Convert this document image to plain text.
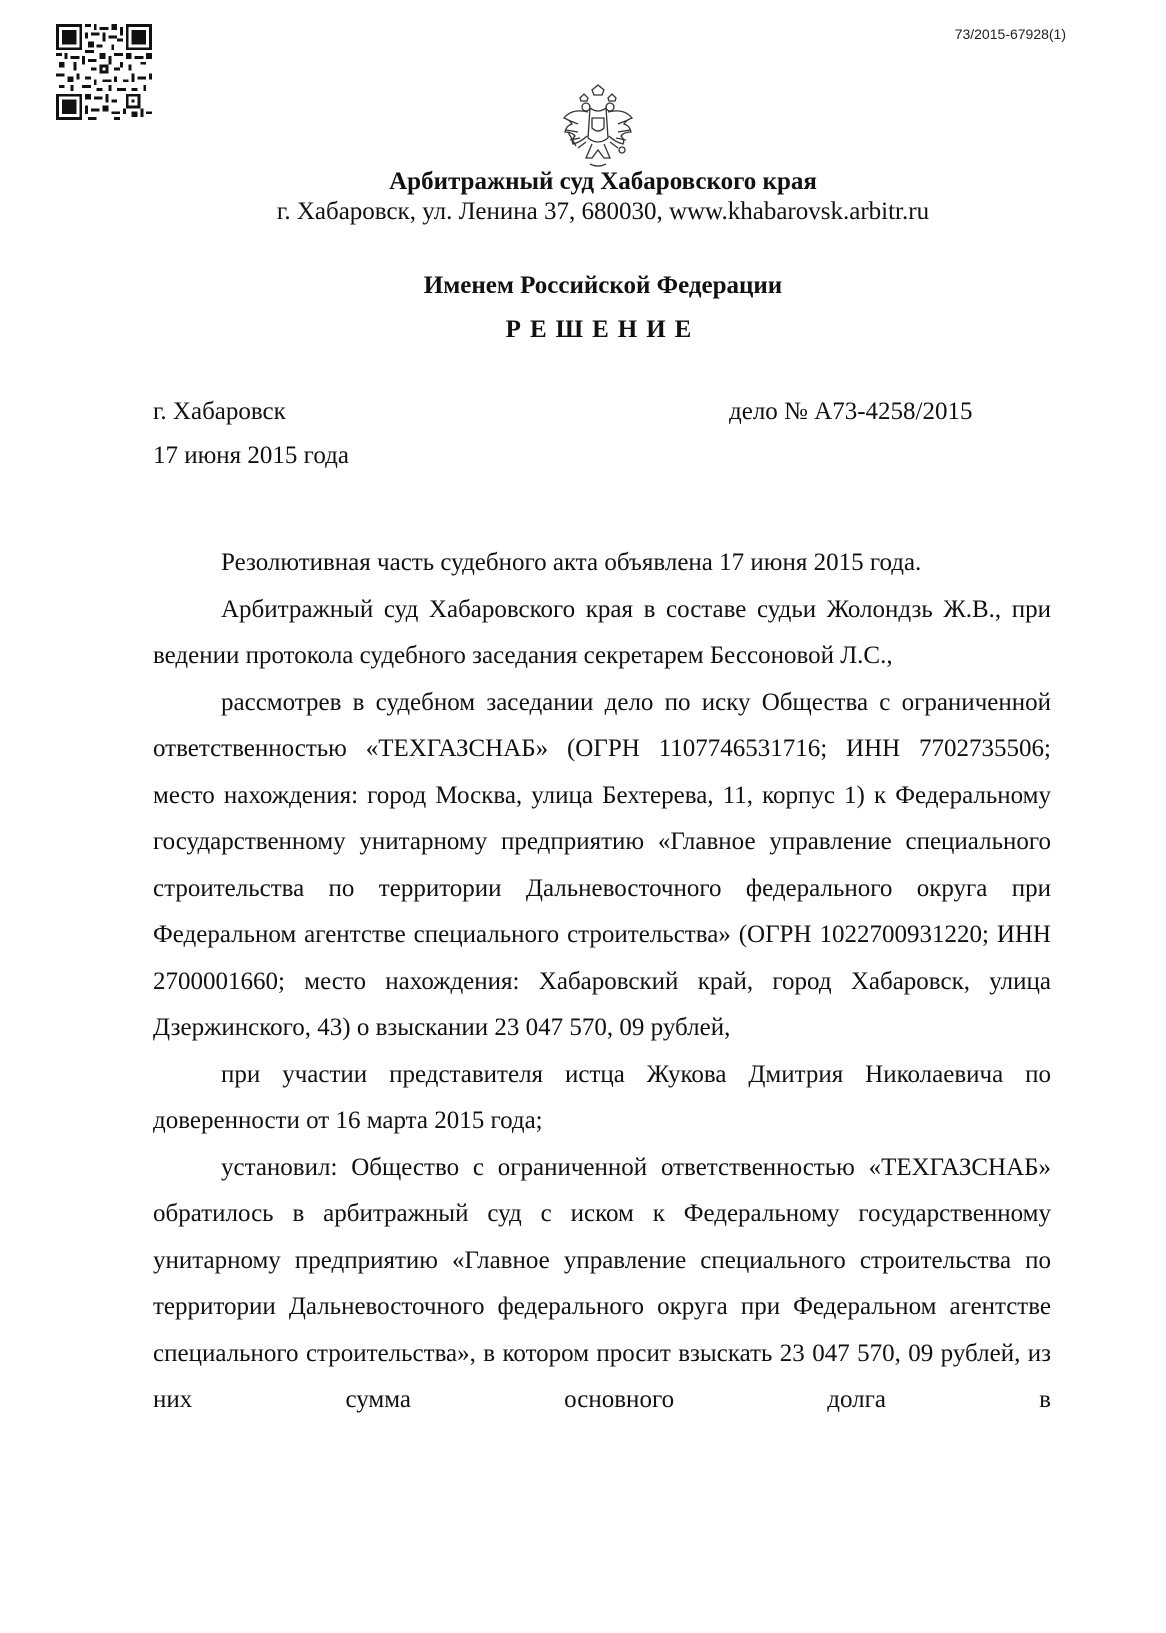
73/2015-67928(1)
Арбитражный суд Хабаровского края
г. Хабаровск, ул. Ленина 37, 680030, www.khabarovsk.arbitr.ru
Именем Российской Федерации
РЕШЕНИЕ
г. Хабаровск	дело № А73-4258/2015
17 июня 2015 года

Резолютивная часть судебного акта объявлена 17 июня 2015 года.

Арбитражный суд Хабаровского края в составе судьи Жолондзь Ж.В., при ведении протокола судебного заседания секретарем Бессоновой Л.С.,

рассмотрев в судебном заседании дело по иску Общества с ограниченной ответственностью «ТЕХГАЗСНАБ» (ОГРН 1107746531716; ИНН 7702735506; место нахождения: город Москва, улица Бехтерева, 11, корпус 1) к Федеральному государственному унитарному предприятию «Главное управление специального строительства по территории Дальневосточного федерального округа при Федеральном агентстве специального строительства» (ОГРН 1022700931220; ИНН 2700001660; место нахождения: Хабаровский край, город Хабаровск, улица Дзержинского, 43) о взыскании 23 047 570, 09 рублей,

при участии представителя истца Жукова Дмитрия Николаевича по доверенности от 16 марта 2015 года;

установил: Общество с ограниченной ответственностью «ТЕХГАЗСНАБ» обратилось в арбитражный суд с иском к Федеральному государственному унитарному предприятию «Главное управление специального строительства по территории Дальневосточного федерального округа при Федеральном агентстве специального строительства», в котором просит взыскать 23 047 570, 09 рублей, из них сумма основного долга в
